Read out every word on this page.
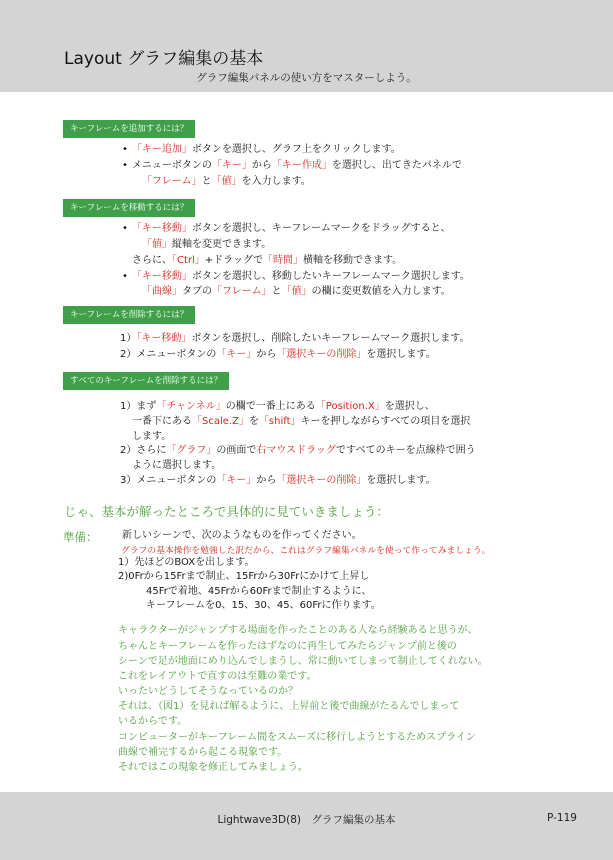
Layout グラフ編集の基本
グラフ編集パネルの使い方をマスターしよう。
キーフレームを追加するには？
• 「キー追加」ボタンを選択し、グラフ上をクリックします。
• メニューボタンの「キー」から「キー作成」を選択し、出てきたパネルで
「フレーム」と「値」を入力します。
キーフレームを移動するには？
• 「キー移動」ボタンを選択し、キーフレームマークをドラッグすると、
「値」縦軸を変更できます。
さらに、「Ctrl」+ドラッグで「時間」横軸を移動できます。
• 「キー移動」ボタンを選択し、移動したいキーフレームマーク選択します。
「曲線」タブの「フレーム」と「値」の欄に変更数値を入力します。
キーフレームを削除するには？
1）「キー移動」ボタンを選択し、削除したいキーフレームマーク選択します。
2）メニューボタンの「キー」から「選択キーの削除」を選択します。
すべてのキーフレームを削除するには？
1）まず「チャンネル」の欄で一番上にある「Position.X」を選択し、
一番下にある「Scale.Z」を「shift」キーを押しながらすべての項目を選択
します。
2）さらに「グラフ」の画面で右マウスドラッグですべてのキーを点線枠で囲う
ように選択します。
3）メニューボタンの「キー」から「選択キーの削除」を選択します。
じゃ、基本が解ったところで具体的に見ていきましょう：
準備： 新しいシーンで、次のようなものを作ってください。
グラフの基本操作を勉強した訳だから、これはグラフ編集パネルを使って作ってみましょう。
1）先ほどのBOXを出します。
2)0Frから15Frまで制止、15Frから30Frにかけて上昇し
45Frで着地、45Frから60Frまで制止するように、
キーフレームを0、15、30、45、60Frに作ります。
キャラクターがジャンプする場面を作ったことのある人なら経験あると思うが、
ちゃんとキーフレームを作ったはずなのに再生してみたらジャンプ前と後の
シーンで足が地面にめり込んでしまうし、常に動いてしまって制止してくれない。
これをレイアウトで直すのは至難の業です。
いったいどうしてそうなっているのか？
それは、（図1）を見れば解るように、上昇前と後で曲線がたるんでしまって
いるからです。
コンピューターがキーフレーム間をスムーズに移行しようとするためスプライン
曲線で補完するから起こる現象です。
それではこの現象を修正してみましょう。
Lightwave3D(8)　グラフ編集の基本	P-119
